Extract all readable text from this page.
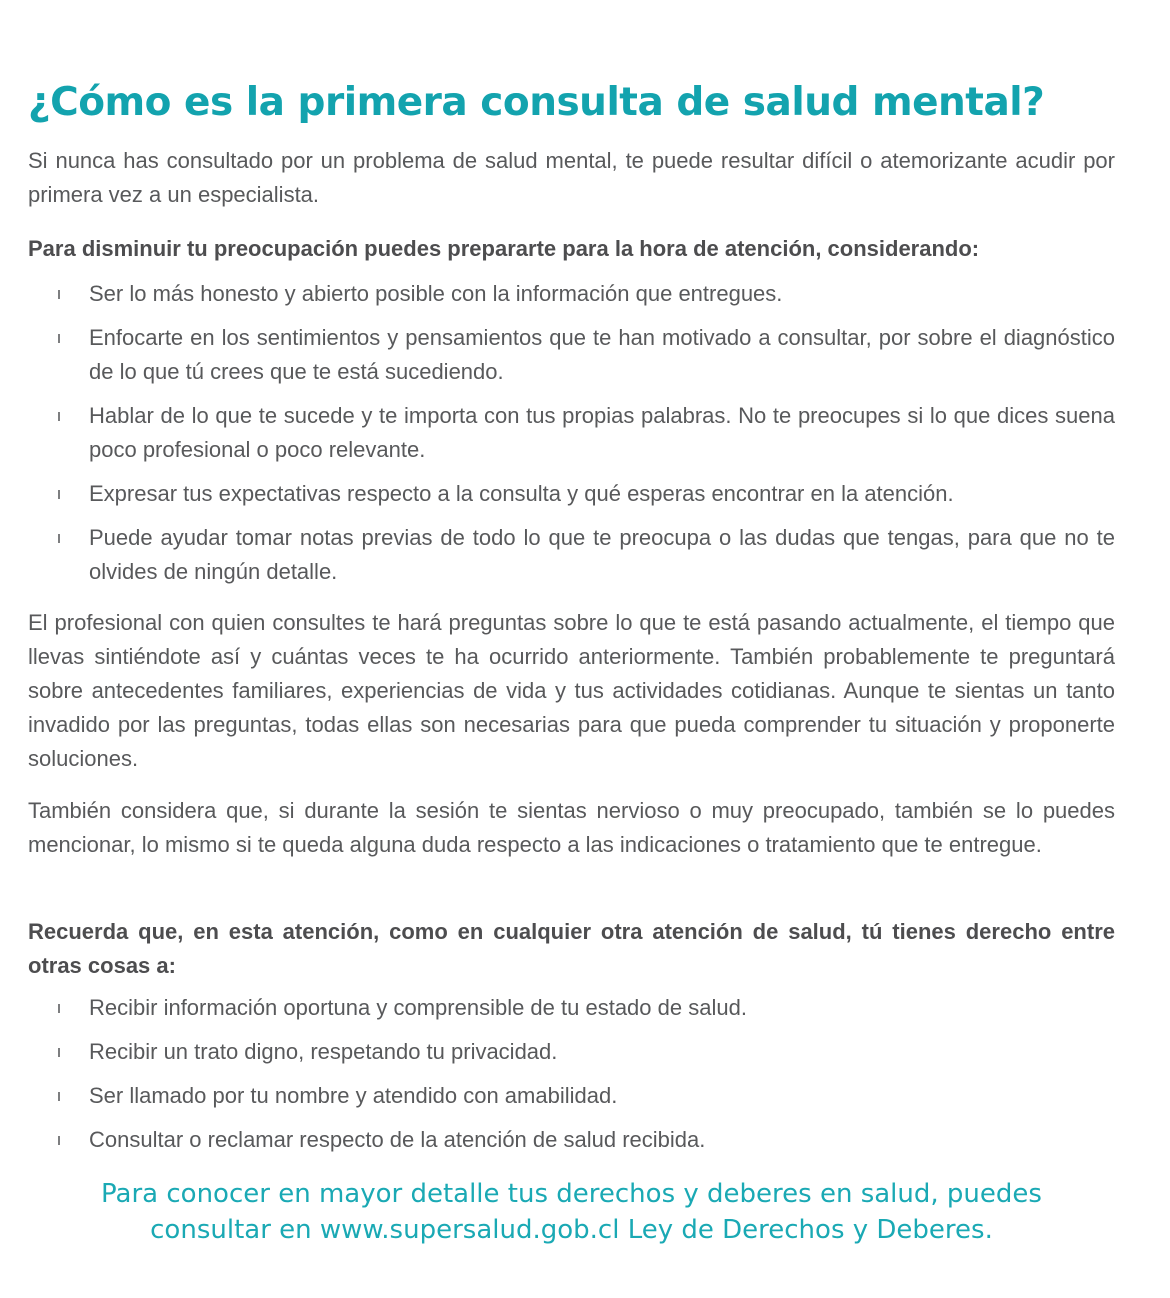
¿Cómo es la primera consulta de salud mental?

Si nunca has consultado por un problema de salud mental, te puede resultar difícil o atemorizante acudir por primera vez a un especialista.

Para disminuir tu preocupación puedes prepararte para la hora de atención, considerando:

Ser lo más honesto y abierto posible con la información que entregues.
Enfocarte en los sentimientos y pensamientos que te han motivado a consultar, por sobre el diagnóstico de lo que tú crees que te está sucediendo.
Hablar de lo que te sucede y te importa con tus propias palabras. No te preocupes si lo que dices suena poco profesional o poco relevante.
Expresar tus expectativas respecto a la consulta y qué esperas encontrar en la atención.
Puede ayudar tomar notas previas de todo lo que te preocupa o las dudas que tengas, para que no te olvides de ningún detalle.

El profesional con quien consultes te hará preguntas sobre lo que te está pasando actualmente, el tiempo que llevas sintiéndote así y cuántas veces te ha ocurrido anteriormente. También probablemente te preguntará sobre antecedentes familiares, experiencias de vida y tus actividades cotidianas. Aunque te sientas un tanto invadido por las preguntas, todas ellas son necesarias para que pueda comprender tu situación y proponerte soluciones.

También considera que, si durante la sesión te sientas nervioso o muy preocupado, también se lo puedes mencionar, lo mismo si te queda alguna duda respecto a las indicaciones o tratamiento que te entregue.

Recuerda que, en esta atención, como en cualquier otra atención de salud, tú tienes derecho entre otras cosas a:

Recibir información oportuna y comprensible de tu estado de salud.
Recibir un trato digno, respetando tu privacidad.
Ser llamado por tu nombre y atendido con amabilidad.
Consultar o reclamar respecto de la atención de salud recibida.
Para conocer en mayor detalle tus derechos y deberes en salud, puedes
consultar en www.supersalud.gob.cl Ley de Derechos y Deberes.
